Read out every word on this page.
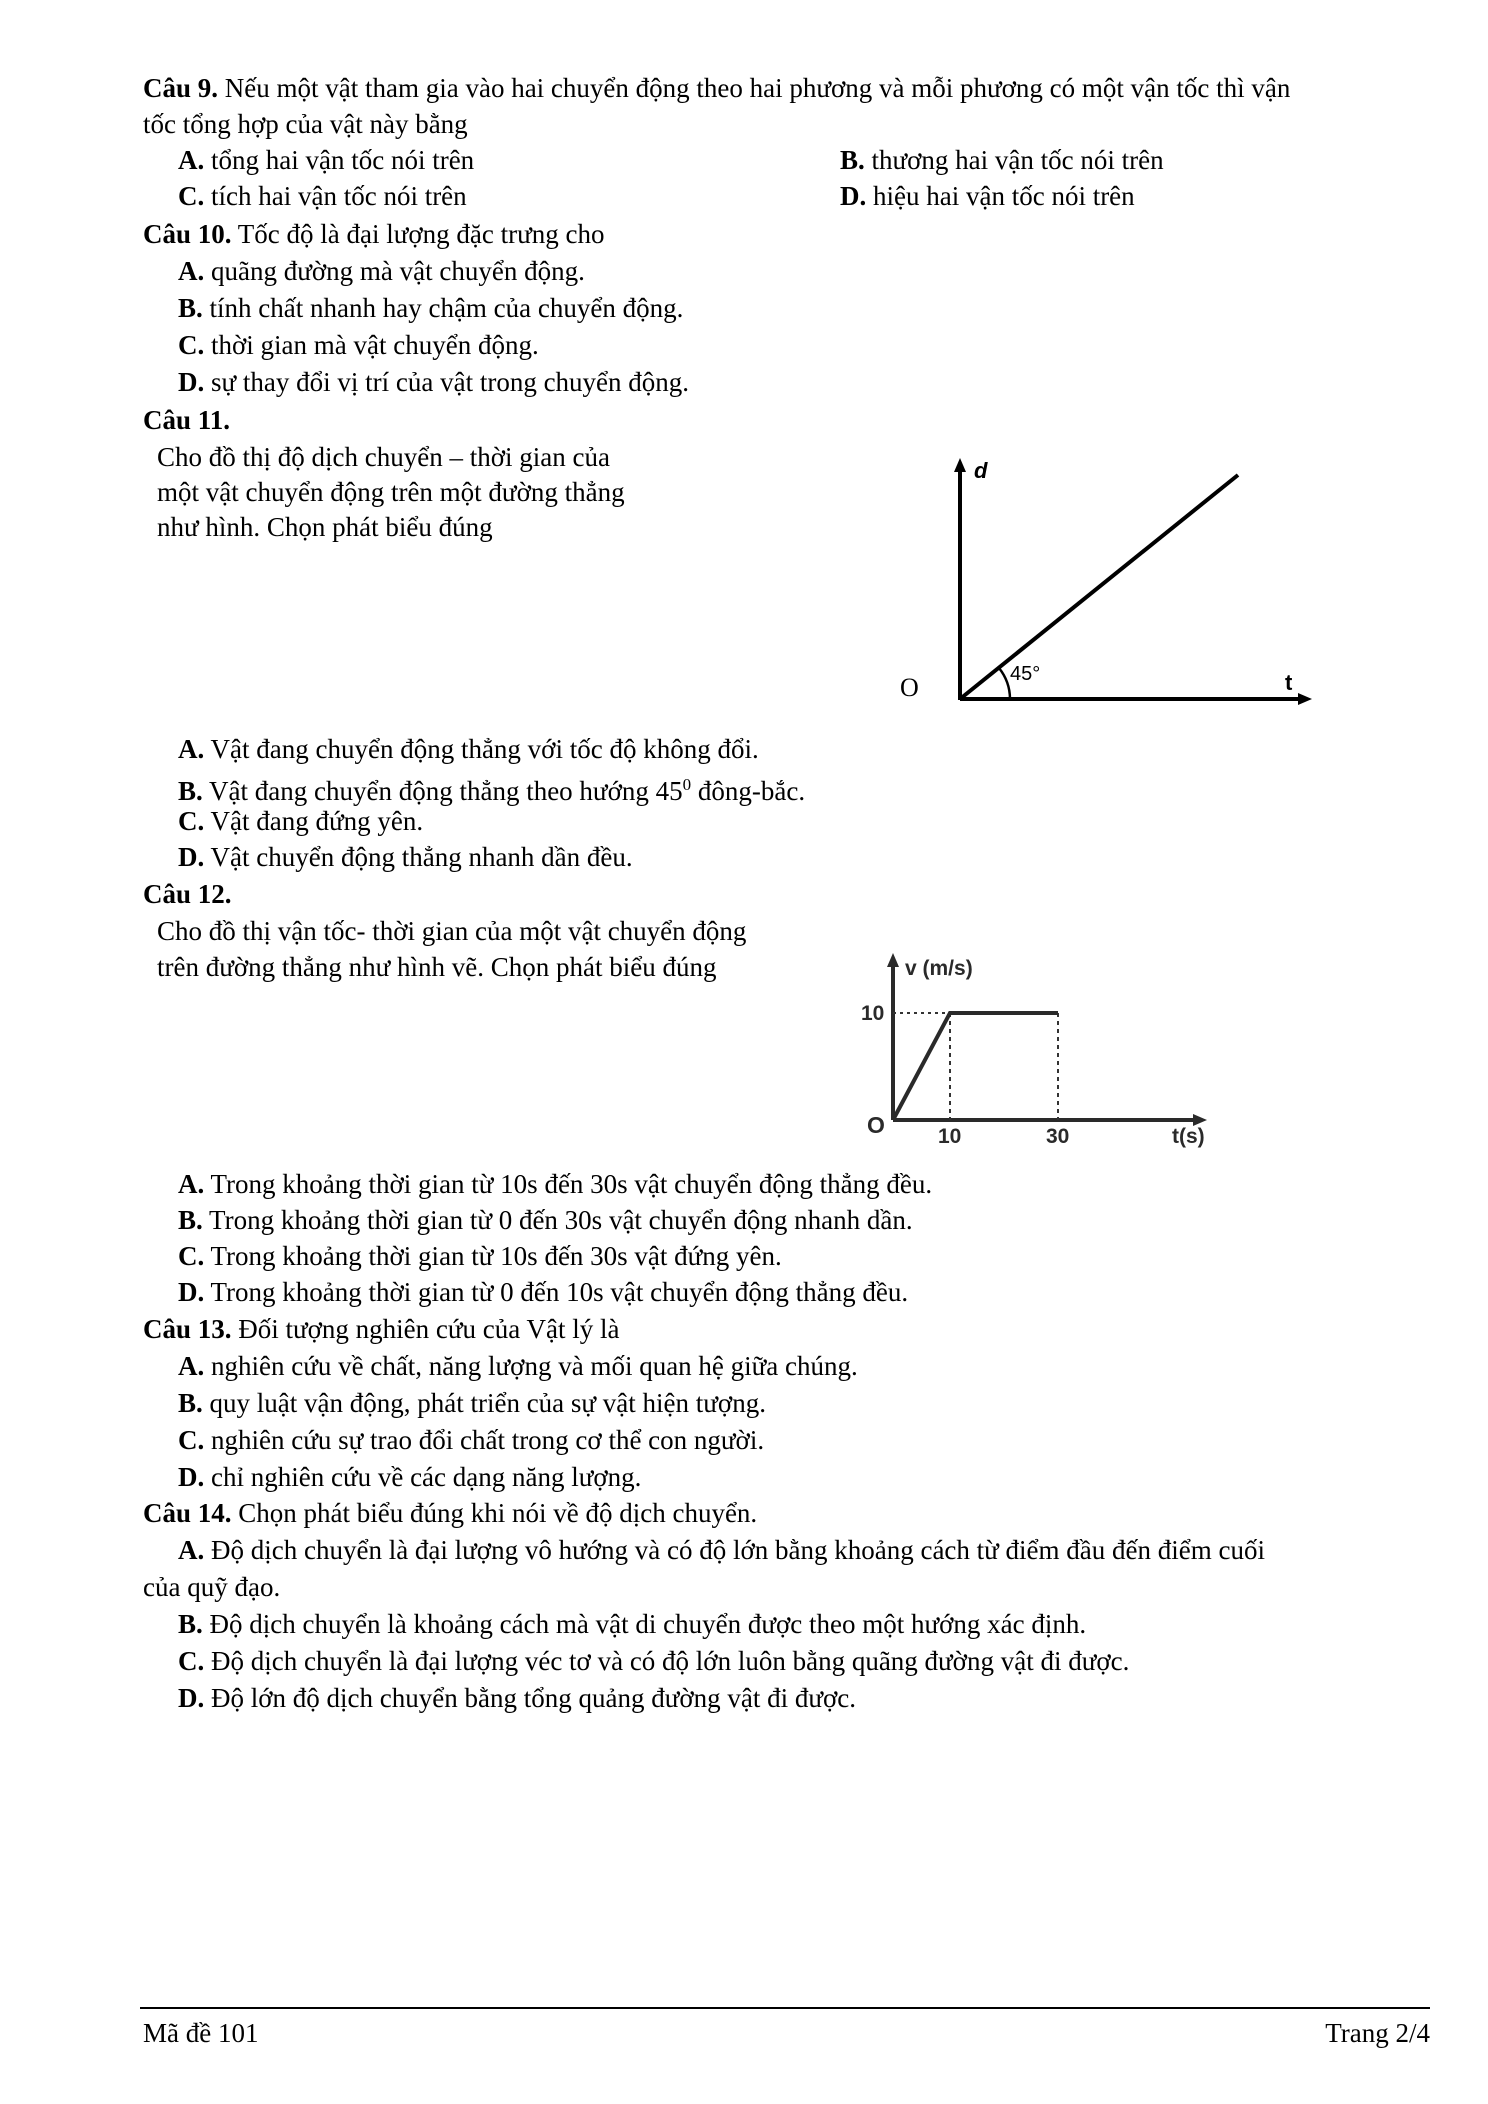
Câu 9. Nếu một vật tham gia vào hai chuyển động theo hai phương và mỗi phương có một vận tốc thì vận
tốc tổng hợp của vật này bằng
A. tổng hai vận tốc nói trên	B. thương hai vận tốc nói trên
C. tích hai vận tốc nói trên	D. hiệu hai vận tốc nói trên
Câu 10. Tốc độ là đại lượng đặc trưng cho
A. quãng đường mà vật chuyển động.
B. tính chất nhanh hay chậm của chuyển động.
C. thời gian mà vật chuyển động.
D. sự thay đổi vị trí của vật trong chuyển động.
Câu 11.
Cho đồ thị độ dịch chuyển – thời gian của
một vật chuyển động trên một đường thẳng
như hình. Chọn phát biểu đúng
d
t
O	45°
A. Vật đang chuyển động thẳng với tốc độ không đổi.
B. Vật đang chuyển động thẳng theo hướng $45^0$ đông-bắc.
C. Vật đang đứng yên.
D. Vật chuyển động thẳng nhanh dần đều.
Câu 12.
Cho đồ thị vận tốc- thời gian của một vật chuyển động
trên đường thẳng như hình vẽ. Chọn phát biểu đúng	v (m/s)
10
O	10	30	t(s)
A. Trong khoảng thời gian từ 10s đến 30s vật chuyển động thẳng đều.
B. Trong khoảng thời gian từ 0 đến 30s vật chuyển động nhanh dần.
C. Trong khoảng thời gian từ 10s đến 30s vật đứng yên.
D. Trong khoảng thời gian từ 0 đến 10s vật chuyển động thẳng đều.
Câu 13. Đối tượng nghiên cứu của Vật lý là
A. nghiên cứu về chất, năng lượng và mối quan hệ giữa chúng.
B. quy luật vận động, phát triển của sự vật hiện tượng.
C. nghiên cứu sự trao đổi chất trong cơ thể con người.
D. chỉ nghiên cứu về các dạng năng lượng.
Câu 14. Chọn phát biểu đúng khi nói về độ dịch chuyển.
A. Độ dịch chuyển là đại lượng vô hướng và có độ lớn bằng khoảng cách từ điểm đầu đến điểm cuối
của quỹ đạo.
B. Độ dịch chuyển là khoảng cách mà vật di chuyển được theo một hướng xác định.
C. Độ dịch chuyển là đại lượng véc tơ và có độ lớn luôn bằng quãng đường vật đi được.
D. Độ lớn độ dịch chuyển bằng tổng quảng đường vật đi được.
Mã đề 101	Trang 2/4
